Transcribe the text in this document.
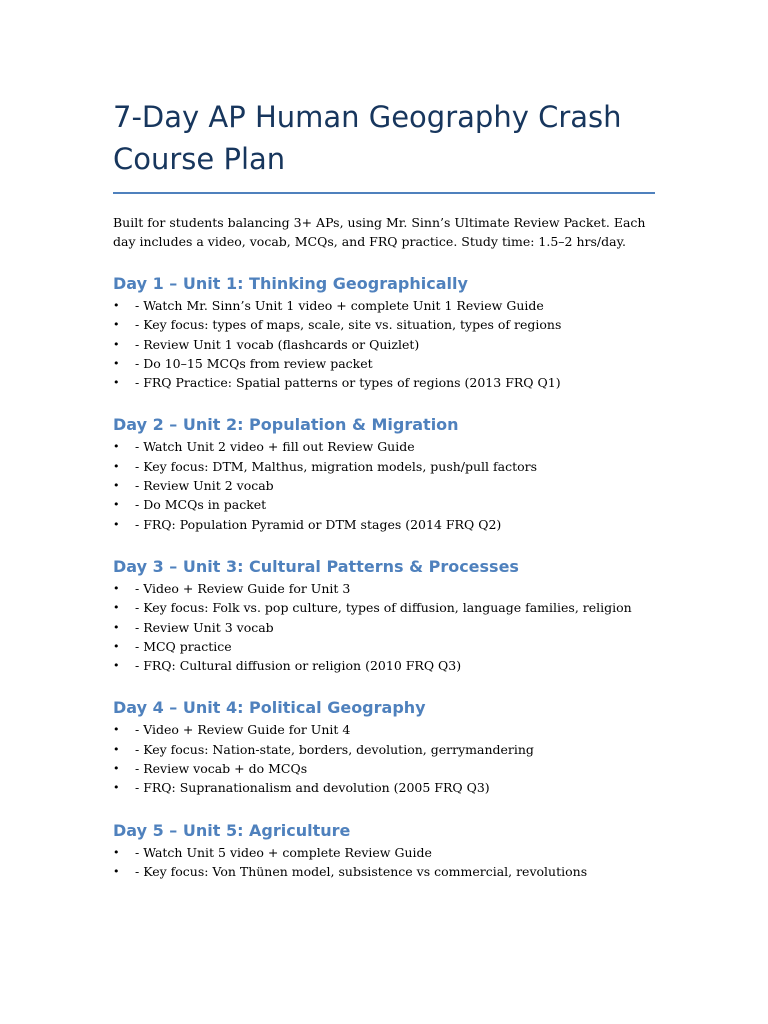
7-Day AP Human Geography Crash Course Plan

Built for students balancing 3+ APs, using Mr. Sinn’s Ultimate Review Packet. Each day includes a video, vocab, MCQs, and FRQ practice. Study time: 1.5–2 hrs/day.

Day 1 – Unit 1: Thinking Geographically
•	- Watch Mr. Sinn’s Unit 1 video + complete Unit 1 Review Guide
•	- Key focus: types of maps, scale, site vs. situation, types of regions
•	- Review Unit 1 vocab (flashcards or Quizlet)
•	- Do 10–15 MCQs from review packet
•	- FRQ Practice: Spatial patterns or types of regions (2013 FRQ Q1)
Day 2 – Unit 2: Population & Migration
•	- Watch Unit 2 video + fill out Review Guide
•	- Key focus: DTM, Malthus, migration models, push/pull factors
•	- Review Unit 2 vocab
•	- Do MCQs in packet
•	- FRQ: Population Pyramid or DTM stages (2014 FRQ Q2)
Day 3 – Unit 3: Cultural Patterns & Processes
•	- Video + Review Guide for Unit 3
•	- Key focus: Folk vs. pop culture, types of diffusion, language families, religion
•	- Review Unit 3 vocab
•	- MCQ practice
•	- FRQ: Cultural diffusion or religion (2010 FRQ Q3)
Day 4 – Unit 4: Political Geography
•	- Video + Review Guide for Unit 4
•	- Key focus: Nation-state, borders, devolution, gerrymandering
•	- Review vocab + do MCQs
•	- FRQ: Supranationalism and devolution (2005 FRQ Q3)
Day 5 – Unit 5: Agriculture
•	- Watch Unit 5 video + complete Review Guide
•	- Key focus: Von Thünen model, subsistence vs commercial, revolutions
